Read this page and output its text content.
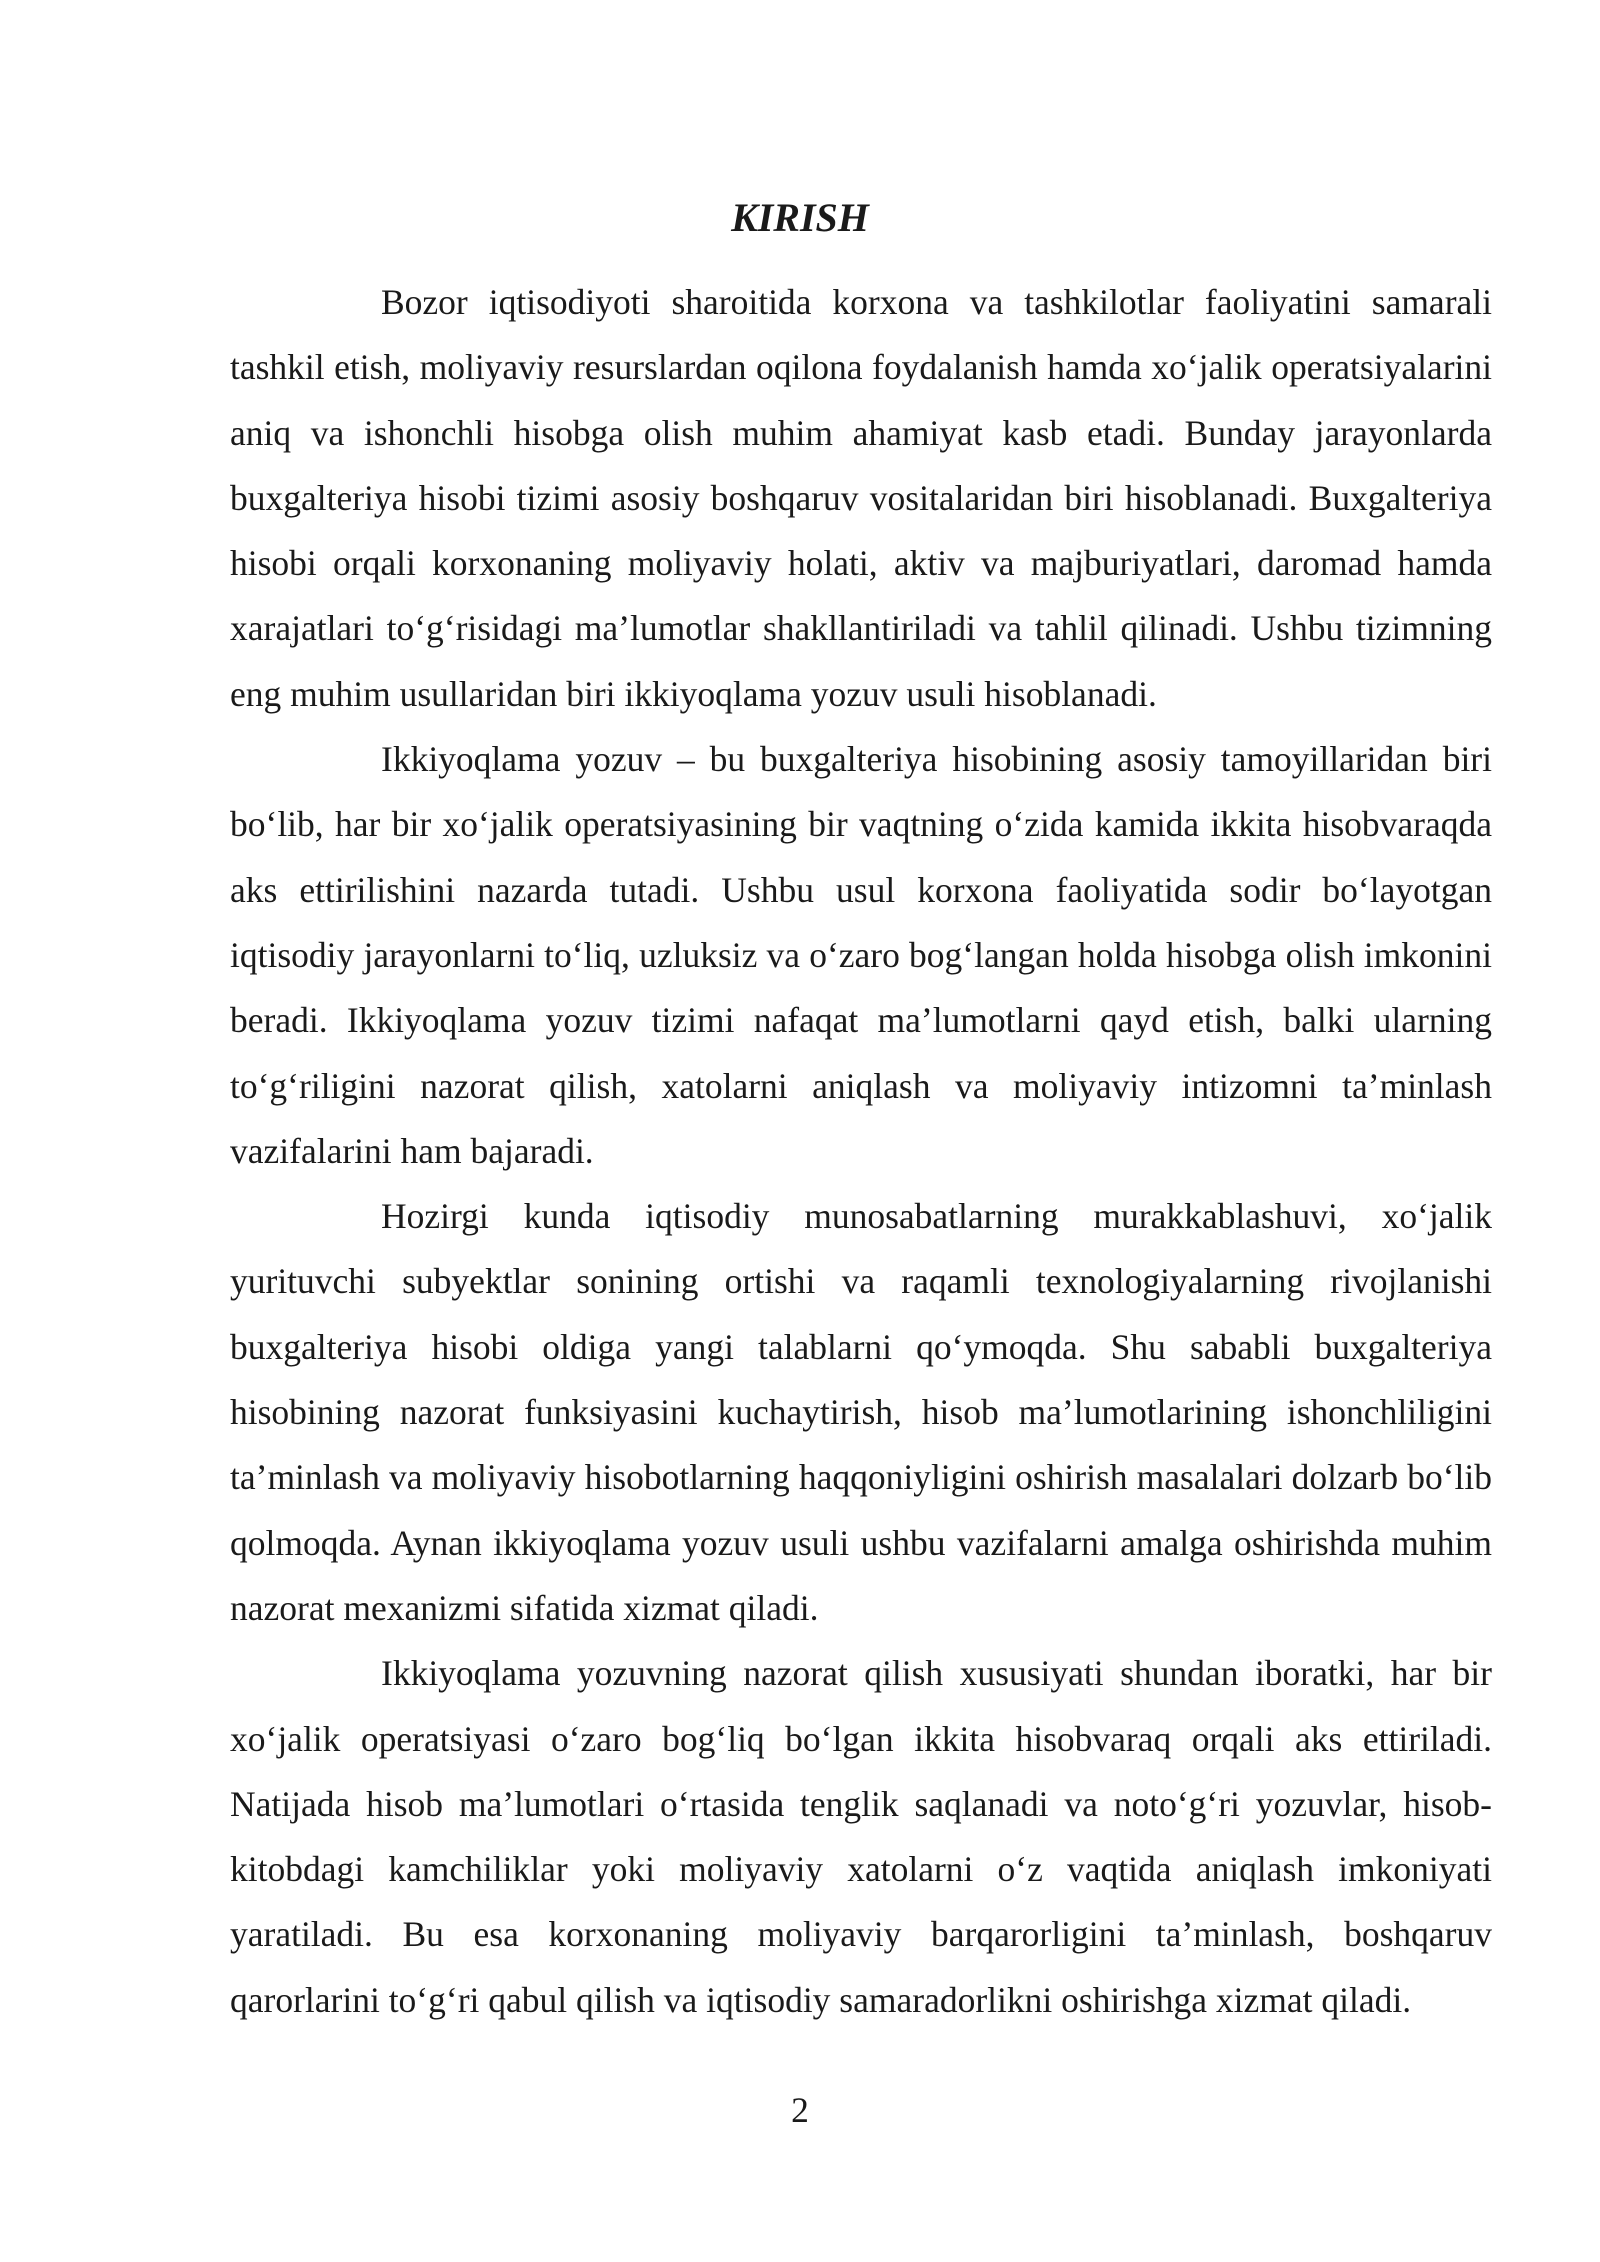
KIRISH

Bozor iqtisodiyoti sharoitida korxona va tashkilotlar faoliyatini samarali tashkil etish, moliyaviy resurslardan oqilona foydalanish hamda xo‘jalik operatsiyalarini aniq va ishonchli hisobga olish muhim ahamiyat kasb etadi. Bunday jarayonlarda buxgalteriya hisobi tizimi asosiy boshqaruv vositalaridan biri hisoblanadi. Buxgalteriya hisobi orqali korxonaning moliyaviy holati, aktiv va majburiyatlari, daromad hamda xarajatlari to‘g‘risidagi ma’lumotlar shakllantiriladi va tahlil qilinadi. Ushbu tizimning eng muhim usullaridan biri ikkiyoqlama yozuv usuli hisoblanadi.

Ikkiyoqlama yozuv – bu buxgalteriya hisobining asosiy tamoyillaridan biri bo‘lib, har bir xo‘jalik operatsiyasining bir vaqtning o‘zida kamida ikkita hisobvaraqda aks ettirilishini nazarda tutadi. Ushbu usul korxona faoliyatida sodir bo‘layotgan iqtisodiy jarayonlarni to‘liq, uzluksiz va o‘zaro bog‘langan holda hisobga olish imkonini beradi. Ikkiyoqlama yozuv tizimi nafaqat ma’lumotlarni qayd etish, balki ularning to‘g‘riligini nazorat qilish, xatolarni aniqlash va moliyaviy intizomni ta’minlash vazifalarini ham bajaradi.

Hozirgi kunda iqtisodiy munosabatlarning murakkablashuvi, xo‘jalik yurituvchi subyektlar sonining ortishi va raqamli texnologiyalarning rivojlanishi buxgalteriya hisobi oldiga yangi talablarni qo‘ymoqda. Shu sababli buxgalteriya hisobining nazorat funksiyasini kuchaytirish, hisob ma’lumotlarining ishonchliligini ta’minlash va moliyaviy hisobotlarning haqqoniyligini oshirish masalalari dolzarb bo‘lib qolmoqda. Aynan ikkiyoqlama yozuv usuli ushbu vazifalarni amalga oshirishda muhim nazorat mexanizmi sifatida xizmat qiladi.

Ikkiyoqlama yozuvning nazorat qilish xususiyati shundan iboratki, har bir xo‘jalik operatsiyasi o‘zaro bog‘liq bo‘lgan ikkita hisobvaraq orqali aks ettiriladi. Natijada hisob ma’lumotlari o‘rtasida tenglik saqlanadi va noto‘g‘ri yozuvlar, hisob-kitobdagi kamchiliklar yoki moliyaviy xatolarni o‘z vaqtida aniqlash imkoniyati yaratiladi. Bu esa korxonaning moliyaviy barqarorligini ta’minlash, boshqaruv qarorlarini to‘g‘ri qabul qilish va iqtisodiy samaradorlikni oshirishga xizmat qiladi.

2
